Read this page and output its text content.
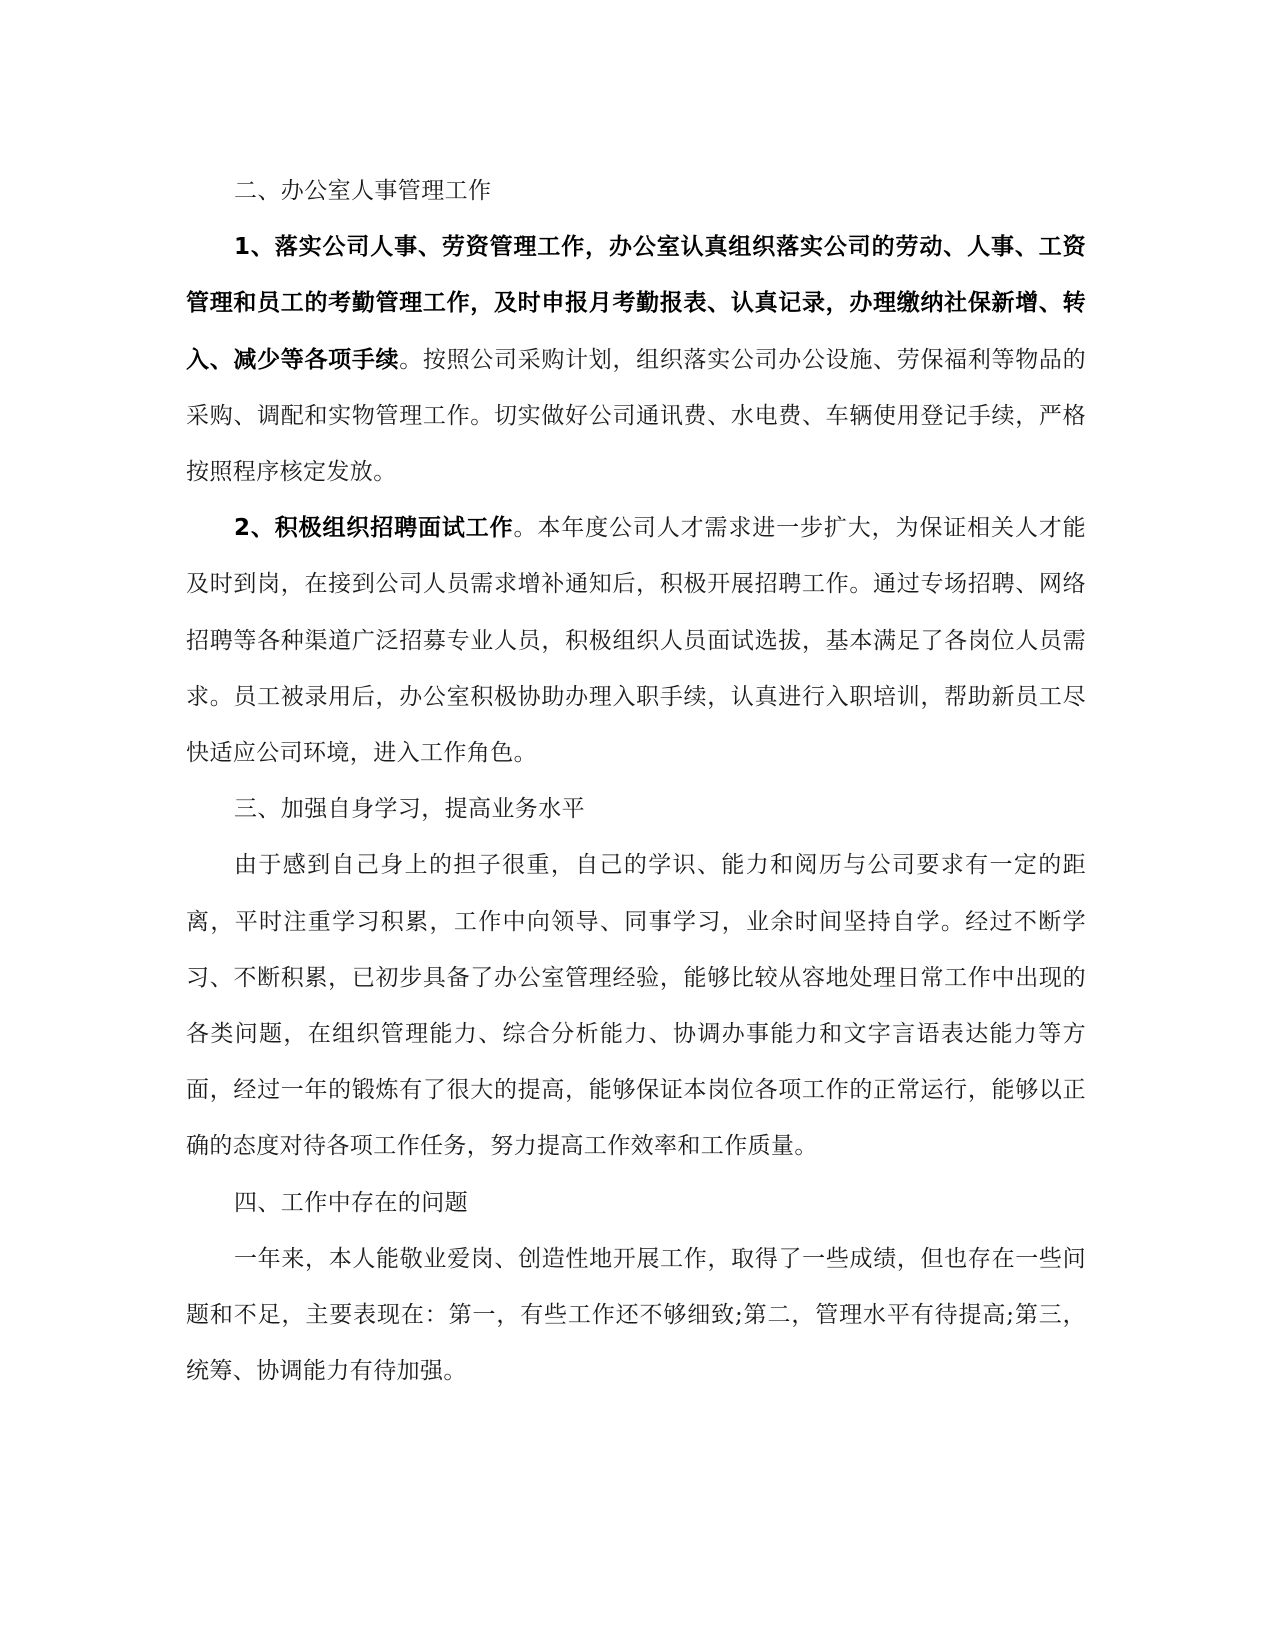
二、办公室人事管理工作

1、落实公司人事、劳资管理工作，办公室认真组织落实公司的劳动、人事、工资管理和员工的考勤管理工作，及时申报月考勤报表、认真记录，办理缴纳社保新增、转入、减少等各项手续。按照公司采购计划，组织落实公司办公设施、劳保福利等物品的采购、调配和实物管理工作。切实做好公司通讯费、水电费、车辆使用登记手续，严格按照程序核定发放。

2、积极组织招聘面试工作。本年度公司人才需求进一步扩大，为保证相关人才能及时到岗，在接到公司人员需求增补通知后，积极开展招聘工作。通过专场招聘、网络招聘等各种渠道广泛招募专业人员，积极组织人员面试选拔，基本满足了各岗位人员需求。员工被录用后，办公室积极协助办理入职手续，认真进行入职培训，帮助新员工尽快适应公司环境，进入工作角色。

三、加强自身学习，提高业务水平

由于感到自己身上的担子很重，自己的学识、能力和阅历与公司要求有一定的距离，平时注重学习积累，工作中向领导、同事学习，业余时间坚持自学。经过不断学习、不断积累，已初步具备了办公室管理经验，能够比较从容地处理日常工作中出现的各类问题，在组织管理能力、综合分析能力、协调办事能力和文字言语表达能力等方面，经过一年的锻炼有了很大的提高，能够保证本岗位各项工作的正常运行，能够以正确的态度对待各项工作任务，努力提高工作效率和工作质量。

四、工作中存在的问题

一年来，本人能敬业爱岗、创造性地开展工作，取得了一些成绩，但也存在一些问题和不足，主要表现在：第一，有些工作还不够细致;第二，管理水平有待提高;第三，统筹、协调能力有待加强。
